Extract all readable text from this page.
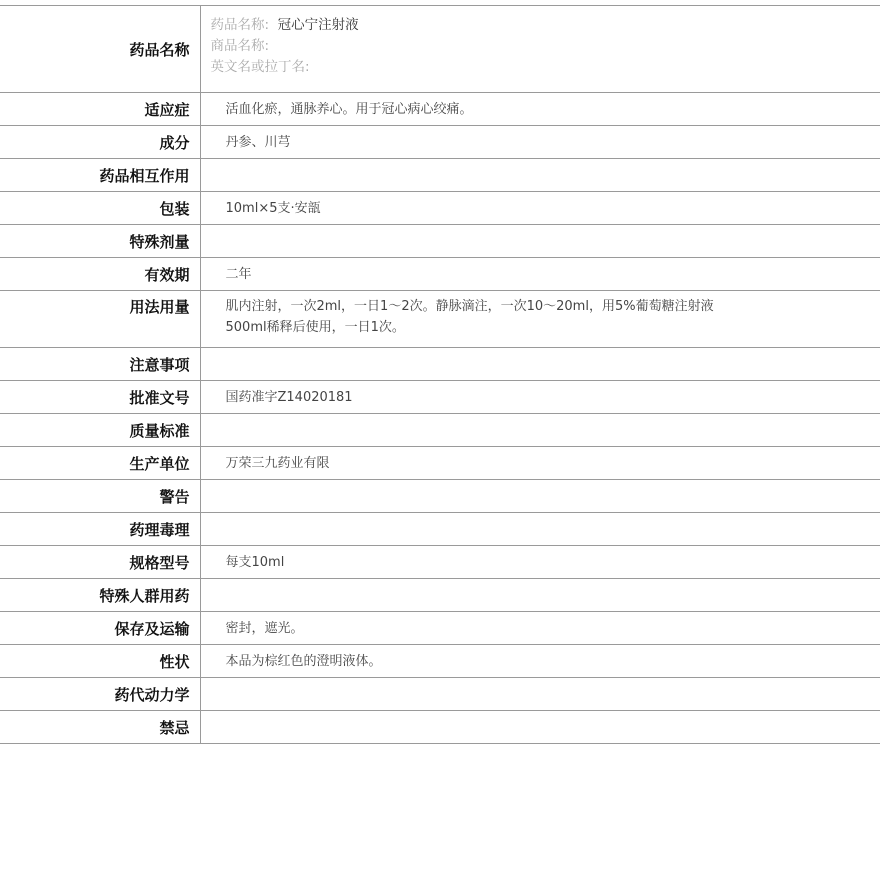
药品名称	药品名称: 冠心宁注射液
商品名称:
英文名或拉丁名:

适应症	活血化瘀，通脉养心。用于冠心病心绞痛。
成分	丹参、川芎
药品相互作用	
包装	10ml×5支·安瓿
特殊剂量	
有效期	二年
用法用量	肌内注射，一次2ml，一日1～2次。静脉滴注，一次10～20ml，用5%葡萄糖注射液500ml稀释后使用，一日1次。

注意事项	
批准文号	国药准字Z14020181
质量标准	
生产单位	万荣三九药业有限
警告	
药理毒理	
规格型号	每支10ml
特殊人群用药	
保存及运输	密封，遮光。
性状	本品为棕红色的澄明液体。
药代动力学	
禁忌	
